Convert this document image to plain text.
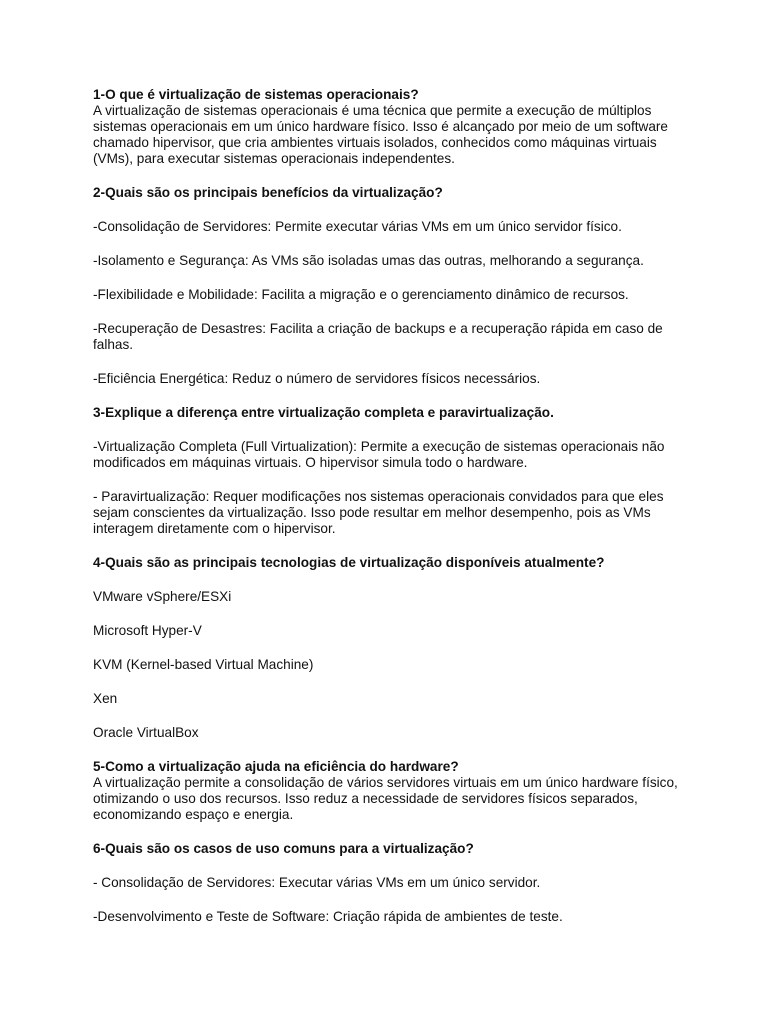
1-O que é virtualização de sistemas operacionais?

A virtualização de sistemas operacionais é uma técnica que permite a execução de múltiplos sistemas operacionais em um único hardware físico. Isso é alcançado por meio de um software chamado hipervisor, que cria ambientes virtuais isolados, conhecidos como máquinas virtuais (VMs), para executar sistemas operacionais independentes.

2-Quais são os principais benefícios da virtualização?

-Consolidação de Servidores: Permite executar várias VMs em um único servidor físico.

-Isolamento e Segurança: As VMs são isoladas umas das outras, melhorando a segurança.

-Flexibilidade e Mobilidade: Facilita a migração e o gerenciamento dinâmico de recursos.

-Recuperação de Desastres: Facilita a criação de backups e a recuperação rápida em caso de falhas.

-Eficiência Energética: Reduz o número de servidores físicos necessários.

3-Explique a diferença entre virtualização completa e paravirtualização.

-Virtualização Completa (Full Virtualization): Permite a execução de sistemas operacionais não modificados em máquinas virtuais. O hipervisor simula todo o hardware.

- Paravirtualização: Requer modificações nos sistemas operacionais convidados para que eles sejam conscientes da virtualização. Isso pode resultar em melhor desempenho, pois as VMs interagem diretamente com o hipervisor.

4-Quais são as principais tecnologias de virtualização disponíveis atualmente?

VMware vSphere/ESXi

Microsoft Hyper-V

KVM (Kernel-based Virtual Machine)

Xen

Oracle VirtualBox

5-Como a virtualização ajuda na eficiência do hardware?

A virtualização permite a consolidação de vários servidores virtuais em um único hardware físico, otimizando o uso dos recursos. Isso reduz a necessidade de servidores físicos separados, economizando espaço e energia.

6-Quais são os casos de uso comuns para a virtualização?

- Consolidação de Servidores: Executar várias VMs em um único servidor.

-Desenvolvimento e Teste de Software: Criação rápida de ambientes de teste.
